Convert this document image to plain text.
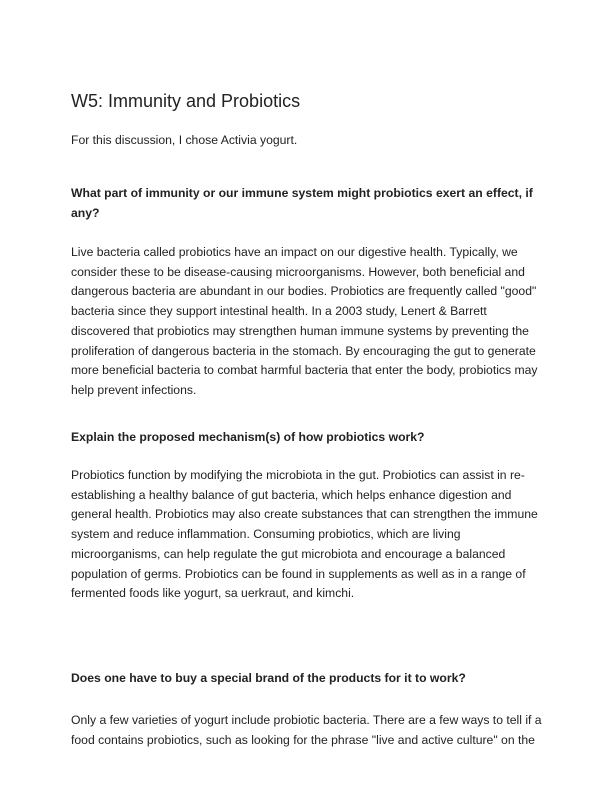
W5: Immunity and Probiotics

For this discussion, I chose Activia yogurt.

What part of immunity or our immune system might probiotics exert an effect, if
any?

Live bacteria called probiotics have an impact on our digestive health. Typically, we
consider these to be disease-causing microorganisms. However, both beneficial and
dangerous bacteria are abundant in our bodies. Probiotics are frequently called "good"
bacteria since they support intestinal health. In a 2003 study, Lenert & Barrett
discovered that probiotics may strengthen human immune systems by preventing the
proliferation of dangerous bacteria in the stomach. By encouraging the gut to generate
more beneficial bacteria to combat harmful bacteria that enter the body, probiotics may
help prevent infections.

Explain the proposed mechanism(s) of how probiotics work?

Probiotics function by modifying the microbiota in the gut. Probiotics can assist in re-
establishing a healthy balance of gut bacteria, which helps enhance digestion and
general health. Probiotics may also create substances that can strengthen the immune
system and reduce inflammation. Consuming probiotics, which are living
microorganisms, can help regulate the gut microbiota and encourage a balanced
population of germs. Probiotics can be found in supplements as well as in a range of
fermented foods like yogurt, sa uerkraut, and kimchi.

Does one have to buy a special brand of the products for it to work?

Only a few varieties of yogurt include probiotic bacteria. There are a few ways to tell if a
food contains probiotics, such as looking for the phrase "live and active culture" on the
